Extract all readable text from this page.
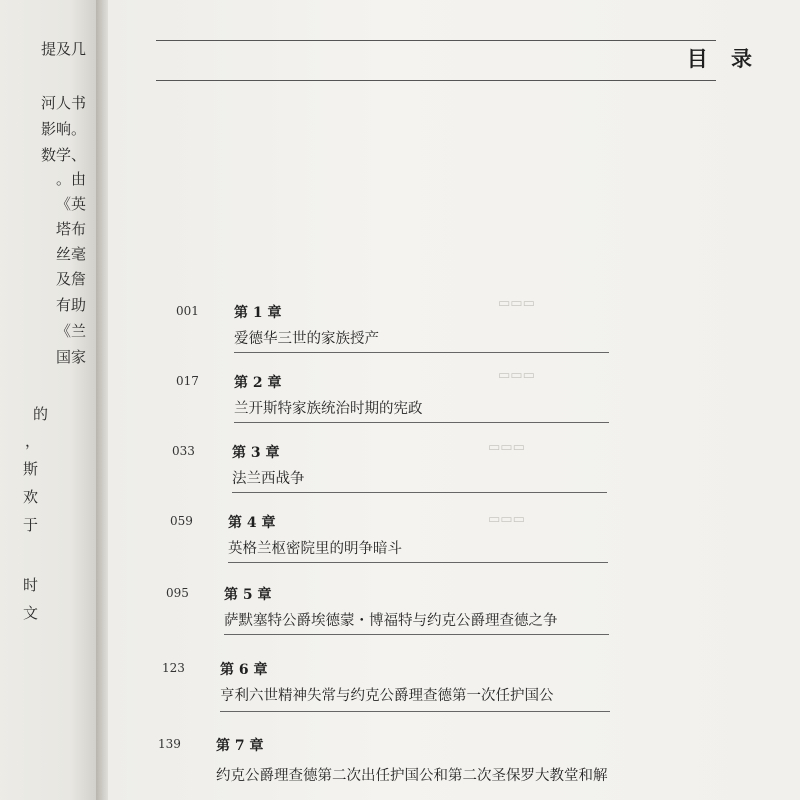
提及几
河人书
影响。
数学、
。由
《英
塔布
丝毫
及詹
有助
《兰
国家
的
，
斯
欢
于
时
文
目 录
▭▭▭
▭▭▭
▭▭▭
▭▭▭
001	第 1 章
爱德华三世的家族授产
017	第 2 章
兰开斯特家族统治时期的宪政
033	第 3 章
法兰西战争
059	第 4 章
英格兰枢密院里的明争暗斗
095	第 5 章
萨默塞特公爵埃德蒙・博福特与约克公爵理查德之争
123	第 6 章
亨利六世精神失常与约克公爵理查德第一次任护国公
139	第 7 章
约克公爵理查德第二次出任护国公和第二次圣保罗大教堂和解
